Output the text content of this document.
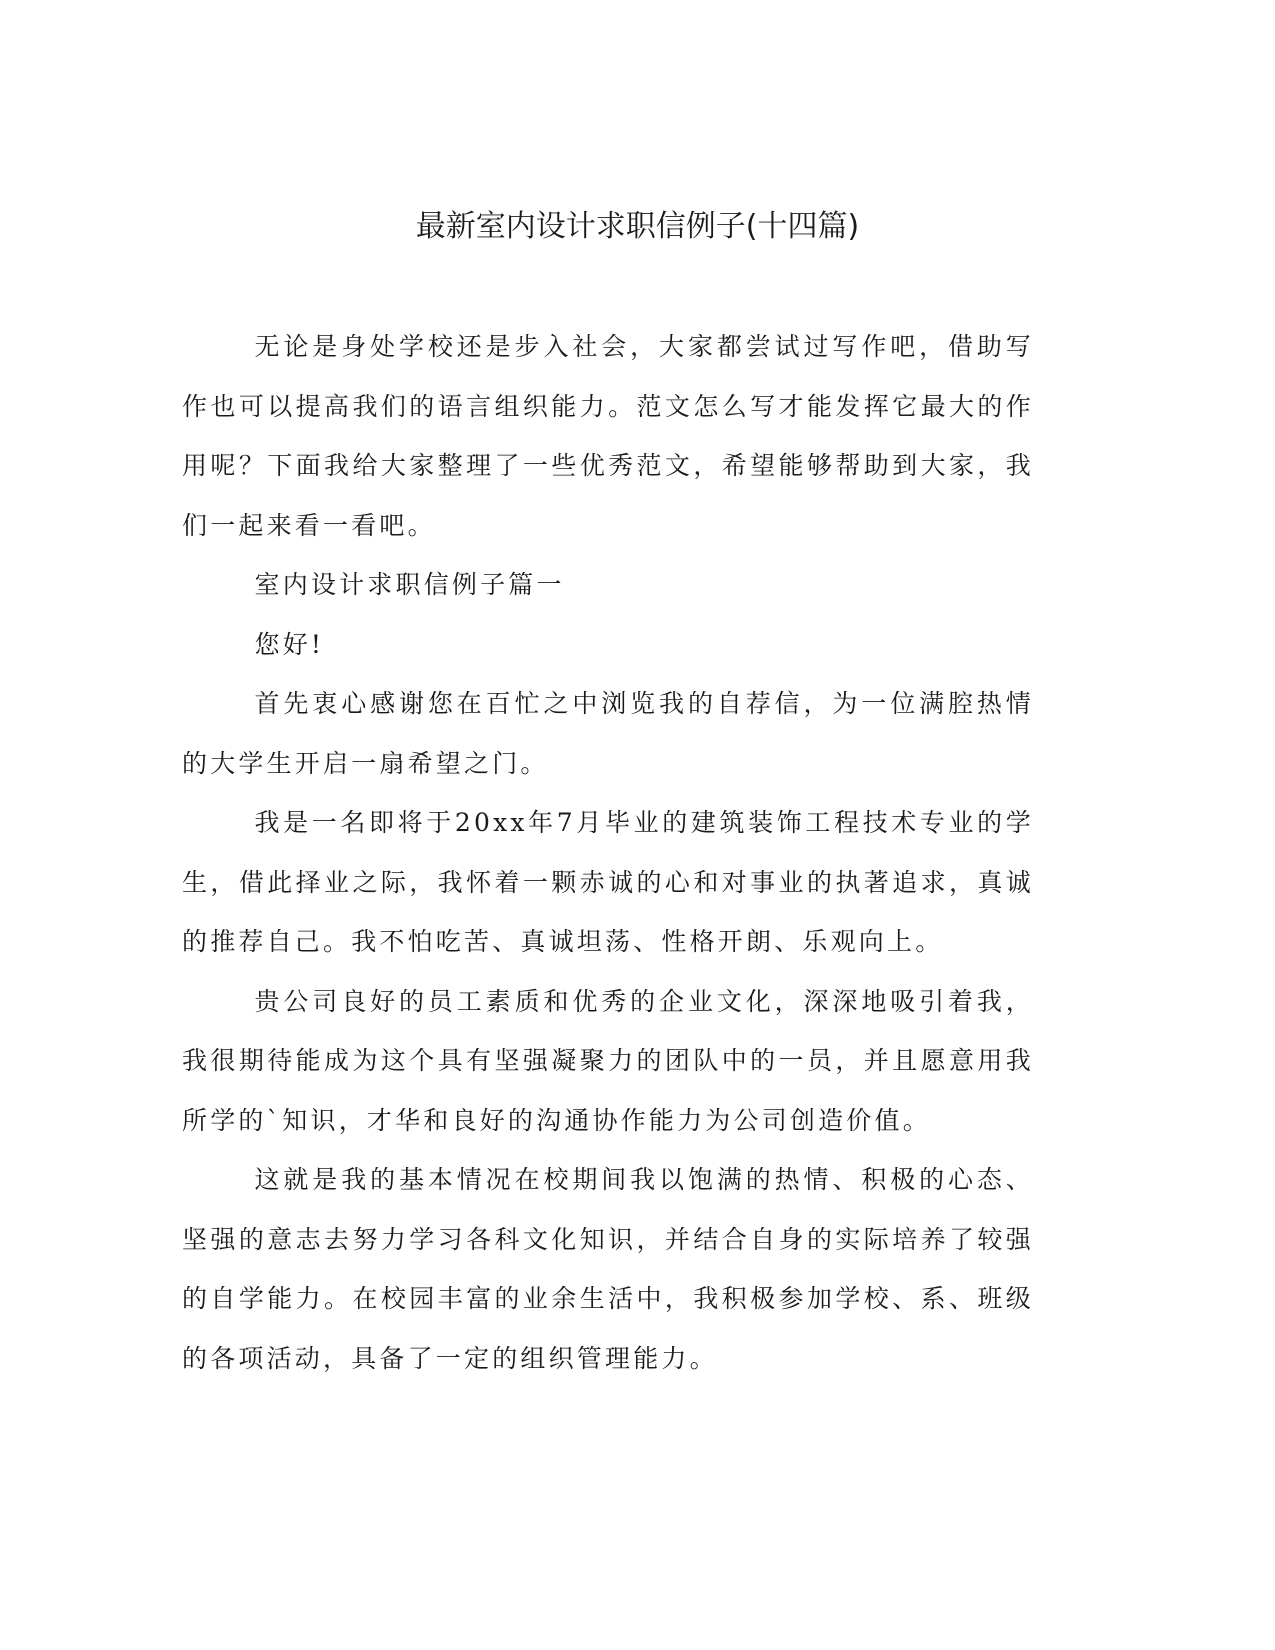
最新室内设计求职信例子(十四篇)

无论是身处学校还是步入社会，大家都尝试过写作吧，借助写作也可以提高我们的语言组织能力。范文怎么写才能发挥它最大的作用呢？下面我给大家整理了一些优秀范文，希望能够帮助到大家，我们一起来看一看吧。

室内设计求职信例子篇一

您好!

首先衷心感谢您在百忙之中浏览我的自荐信，为一位满腔热情的大学生开启一扇希望之门。

我是一名即将于20xx年7月毕业的建筑装饰工程技术专业的学生，借此择业之际，我怀着一颗赤诚的心和对事业的执著追求，真诚的推荐自己。我不怕吃苦、真诚坦荡、性格开朗、乐观向上。

贵公司良好的员工素质和优秀的企业文化，深深地吸引着我，我很期待能成为这个具有坚强凝聚力的团队中的一员，并且愿意用我所学的`知识，才华和良好的沟通协作能力为公司创造价值。

这就是我的基本情况在校期间我以饱满的热情、积极的心态、坚强的意志去努力学习各科文化知识，并结合自身的实际培养了较强的自学能力。在校园丰富的业余生活中，我积极参加学校、系、班级的各项活动，具备了一定的组织管理能力。
